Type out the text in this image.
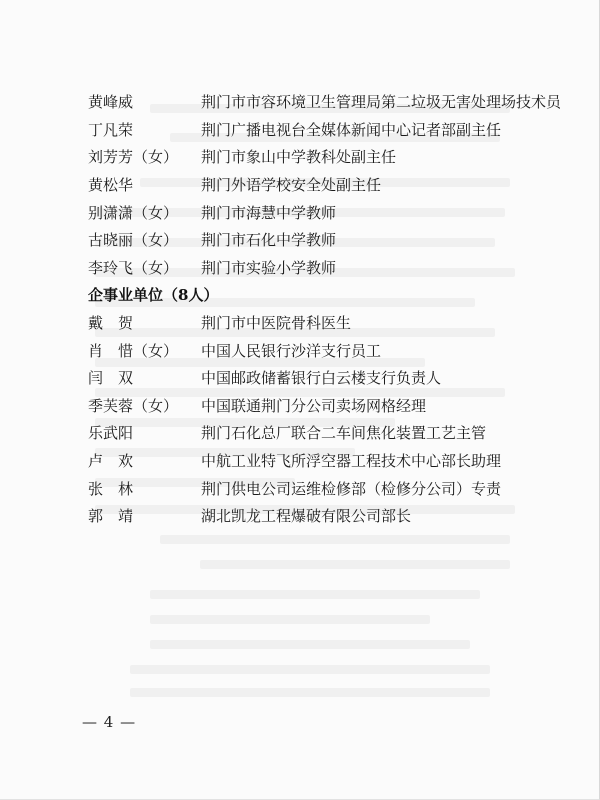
黄峰威	荆门市市容环境卫生管理局第二垃圾无害处理场技术员
丁凡荣	荆门广播电视台全媒体新闻中心记者部副主任
刘芳芳（女）	荆门市象山中学教科处副主任
黄松华	荆门外语学校安全处副主任
别潇潇（女）	荆门市海慧中学教师
古晓丽（女）	荆门市石化中学教师
李玲飞（女）	荆门市实验小学教师
企事业单位（8人）
戴　贺	荆门市中医院骨科医生
肖　惜（女）	中国人民银行沙洋支行员工
闫　双	中国邮政储蓄银行白云楼支行负责人
季芙蓉（女）	中国联通荆门分公司卖场网格经理
乐武阳	荆门石化总厂联合二车间焦化装置工艺主管
卢　欢	中航工业特飞所浮空器工程技术中心部长助理
张　林	荆门供电公司运维检修部（检修分公司）专责
郭　靖	湖北凯龙工程爆破有限公司部长
— 4 —
